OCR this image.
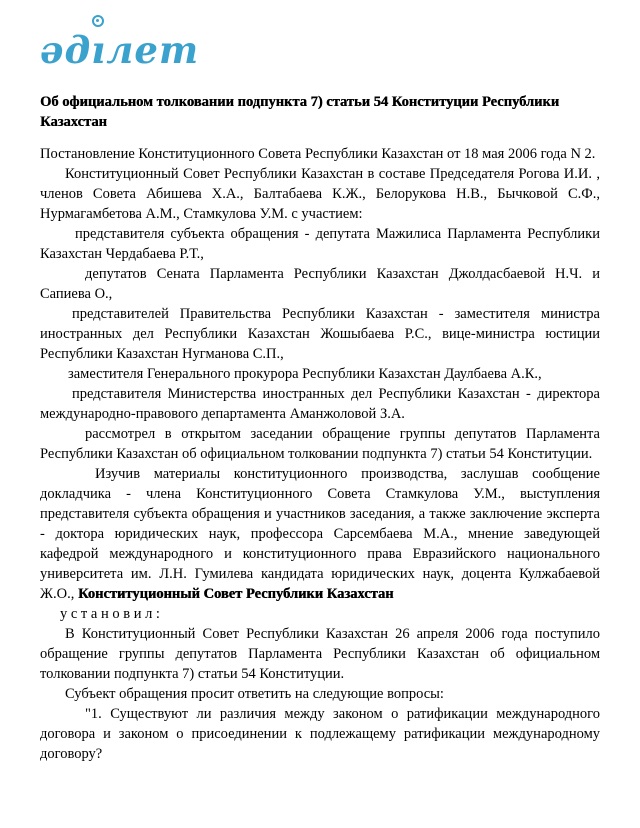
әд
ıлет
Об официальном толковании подпункта 7) статьи 54 Конституции Республики Казахстан

Постановление Конституционного Совета Республики Казахстан от 18 мая 2006 года N 2.

Конституционный Совет Республики Казахстан в составе Председателя Рогова И.И. , членов Совета Абишева Х.А., Балтабаева К.Ж., Белорукова Н.В., Бычковой С.Ф., Нурмагамбетова А.М., Стамкулова У.М. с участием:

представителя субъекта обращения - депутата Мажилиса Парламента Республики Казахстан Чердабаева Р.Т.,

депутатов Сената Парламента Республики Казахстан Джолдасбаевой Н.Ч. и Сапиева О.,

представителей Правительства Республики Казахстан - заместителя министра иностранных дел Республики Казахстан Жошыбаева Р.С., вице-министра юстиции Республики Казахстан Нугманова С.П.,

заместителя Генерального прокурора Республики Казахстан Даулбаева А.К.,

представителя Министерства иностранных дел Республики Казахстан - директора международно-правового департамента Аманжоловой З.А.

рассмотрел в открытом заседании обращение группы депутатов Парламента Республики Казахстан об официальном толковании подпункта 7) статьи 54 Конституции.

Изучив материалы конституционного производства, заслушав сообщение докладчика - члена Конституционного Совета Стамкулова У.М., выступления представителя субъекта обращения и участников заседания, а также заключение эксперта - доктора юридических наук, профессора Сарсембаева М.А., мнение заведующей кафедрой международного и конституционного права Евразийского национального университета им. Л.Н. Гумилева кандидата юридических наук, доцента Кулжабаевой Ж.О., Конституционный Совет Республики Казахстан

у с т а н о в и л :

В Конституционный Совет Республики Казахстан 26 апреля 2006 года поступило обращение группы депутатов Парламента Республики Казахстан об официальном толковании подпункта 7) статьи 54 Конституции.

Субъект обращения просит ответить на следующие вопросы:

"1. Существуют ли различия между законом о ратификации международного договора и законом о присоединении к подлежащему ратификации международному договору?
